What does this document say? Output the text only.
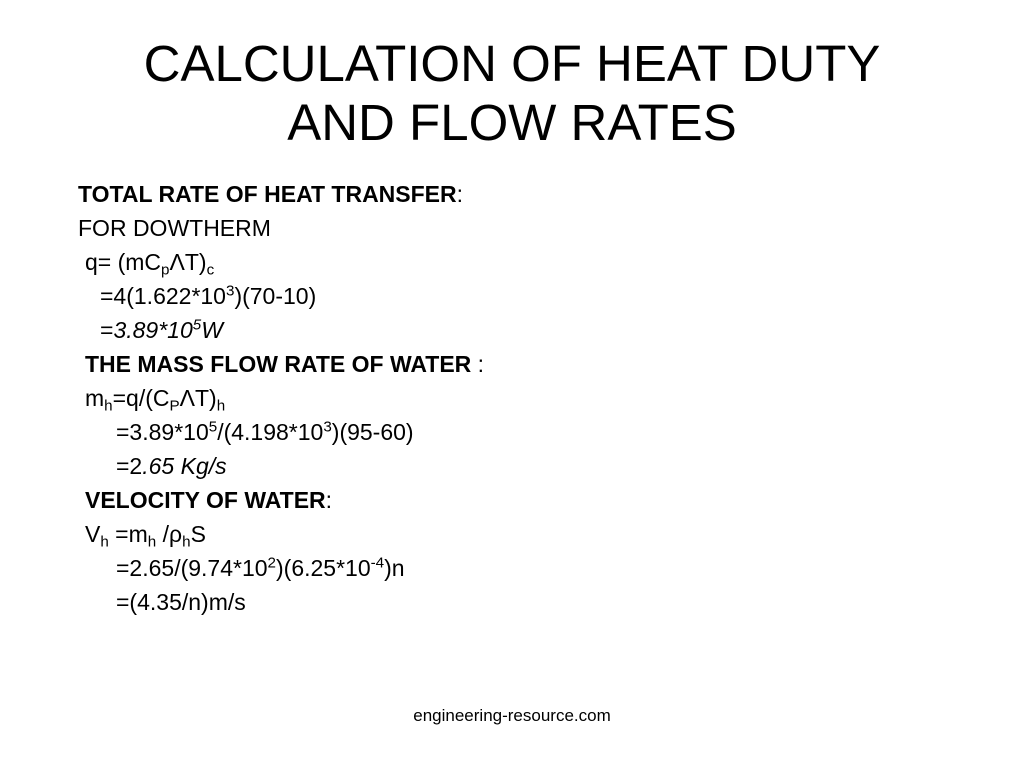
CALCULATION OF HEAT DUTY
AND FLOW RATES
TOTAL RATE OF HEAT TRANSFER:
FOR DOWTHERM
$q= (mC_p\Lambda T)_c$
$=4(1.622*10^3)(70-10)$
$=3.89*10^5W$
THE MASS FLOW RATE OF WATER :
$m_h=q/(C_P\Lambda T)_h$
$=3.89*10^5/(4.198*10^3)(95-60)$
=2.65 Kg/s
VELOCITY OF WATER:
$V_h =m_h$ $/\rho_hS$
$=2.65/(9.74*10^2)(6.25*10^{-4})n$
=(4.35/n)m/s
engineering-resource.com
